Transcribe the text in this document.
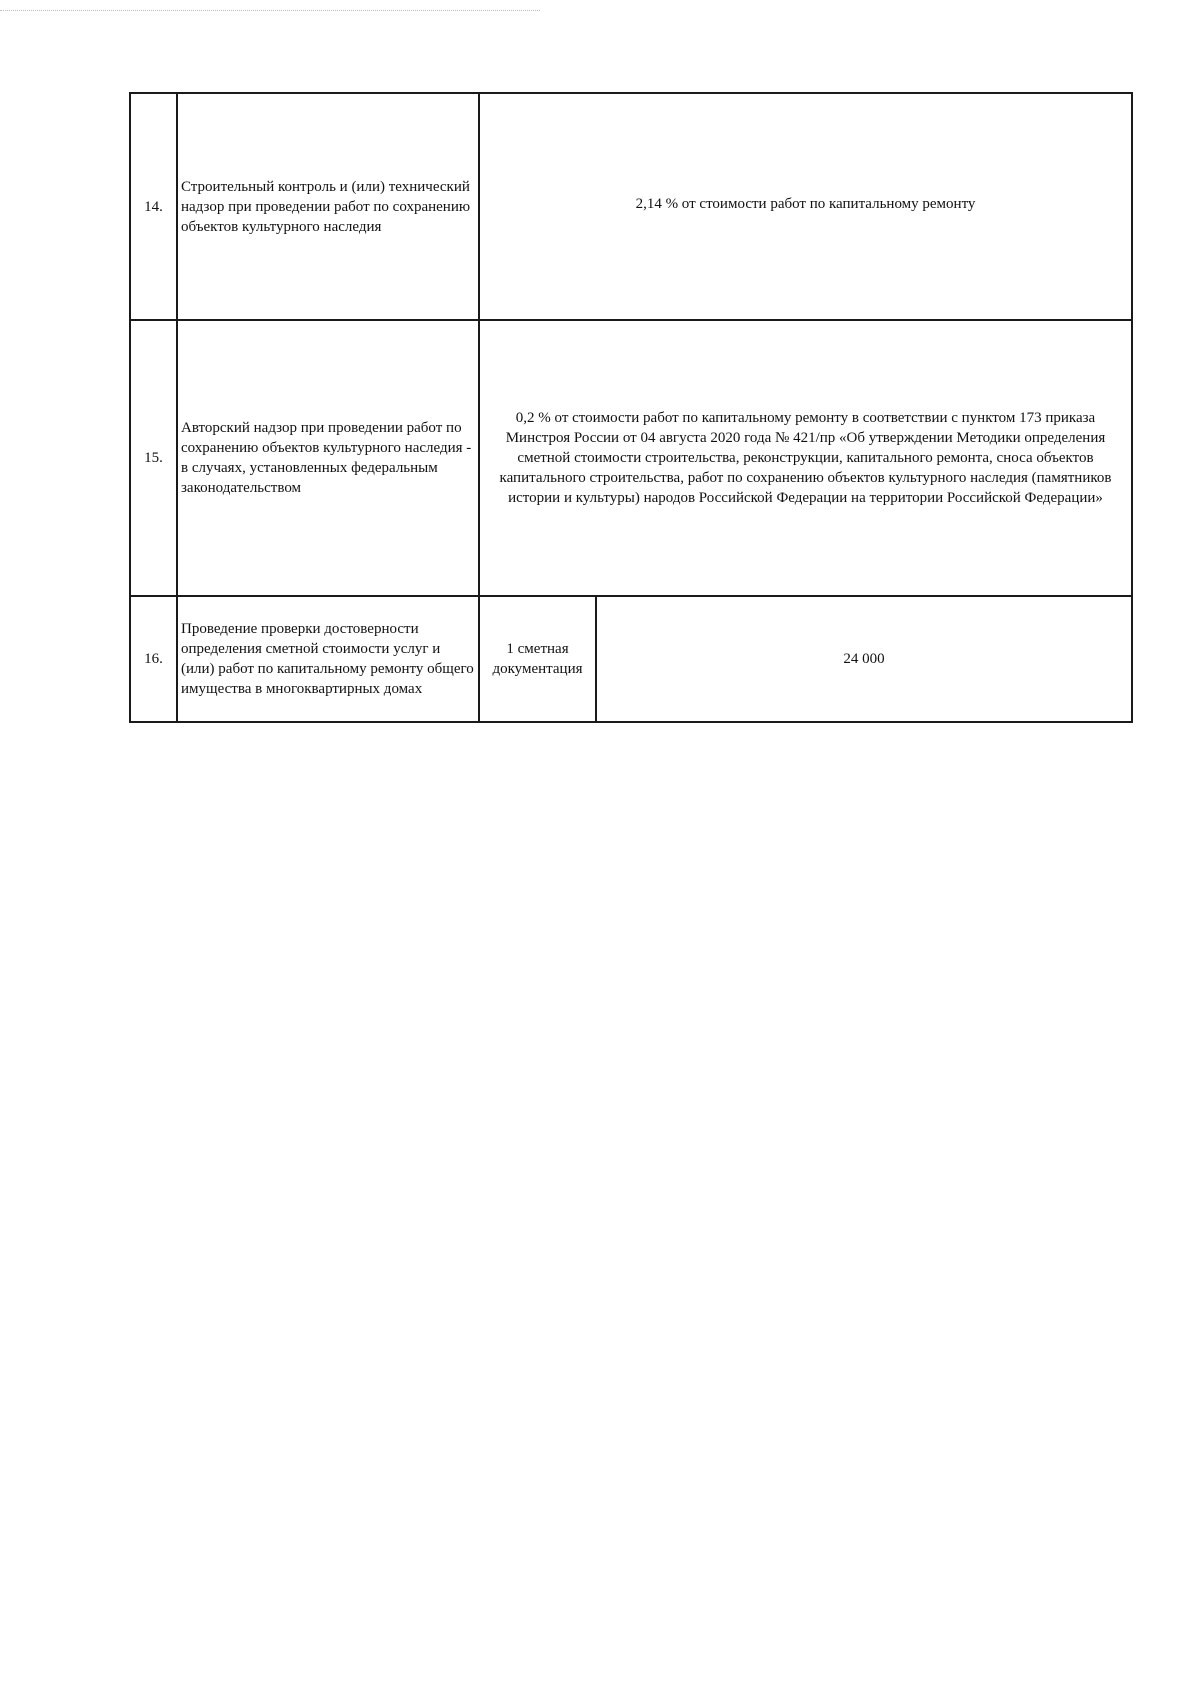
14.	Строительный контроль и (или) технический надзор при проведении работ по сохранению объектов культурного наследия	2,14 % от стоимости работ по капитальному ремонту	
15.	Авторский надзор при проведении работ по сохранению объектов культурного наследия - в случаях, установленных федеральным законодательством	0,2 % от стоимости работ по капитальному ремонту в соответствии с пунктом 173 приказа Минстроя России от 04 августа 2020 года № 421/пр «Об утверждении Методики определения сметной стоимости строительства, реконструкции, капитального ремонта, сноса объектов капитального строительства, работ по сохранению объектов культурного наследия (памятников истории и культуры) народов Российской Федерации на территории Российской Федерации»	
16.	Проведение проверки достоверности определения сметной стоимости услуг и (или) работ по капитальному ремонту общего имущества в многоквартирных домах	1 сметная документация	24 000
